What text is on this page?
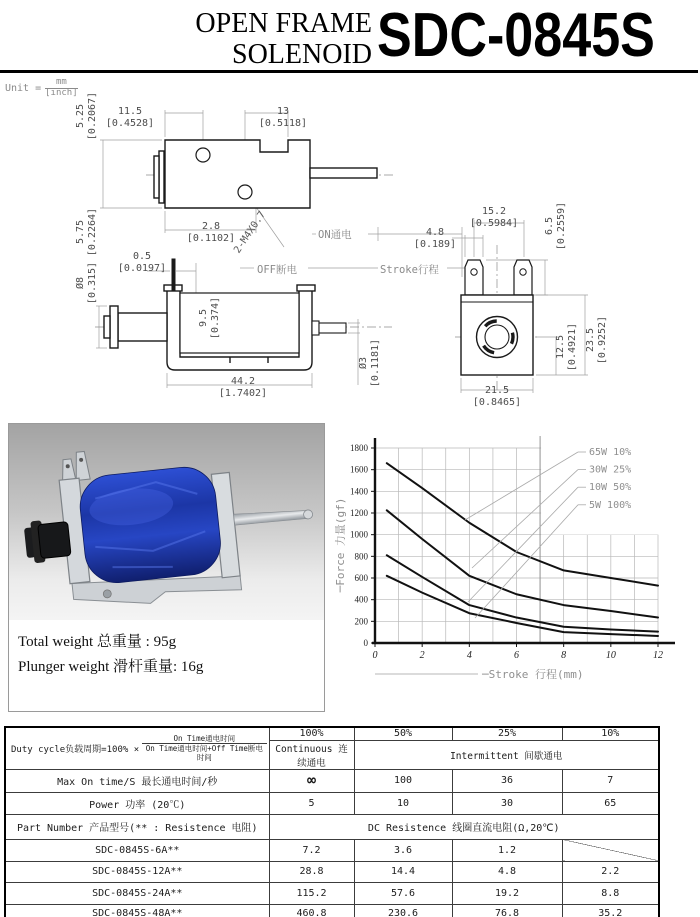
OPEN FRAME
SOLENOID SDC-0845S
Unit = $\frac{mm}{\text{[inch]}}$
5.25 [0.2067]	11.5
[0.4528]
13
[0.5118]
5.75 [0.2264]	2.8
[0.1102]
2-M4X0.7	ON通电
OFF断电	Stroke行程
0.5
[0.0197]
Ø8 [0.315]
9.5 [0.374]
44.2
[1.7402]
Ø3 [0.1181]
4.8
[0.189]
15.2
[0.5984]	6.5 [0.2559]
12.5 [0.4921] 23.5 [0.9252]
21.5
[0.8465]
Total weight 总重量 : 95g
Plunger weight 滑杆重量: 16g
0
200
400
600
800
1000
1200
1400
1600
1800
0	2	4	6	8	10	12
65W 10%
30W 25%
10W 50%
5W 100%
─Force 力量(gf)
─Stroke 行程(mm)
Duty cycle负载周期=100% ×
On Time通电时间
On Time通电时间+Off Time断电时间	100%	50%	25%	10%
	Continuous 连续通电	Intermittent 间歇通电		
Max On time/S 最长通电时间/秒	∞	100	36	7
Power 功率 (20℃)	5	10	30	65
Part Number 产品型号(** : Resistence 电阻)	DC Resistence 线圈直流电阻(Ω,20℃)			
SDC-0845S-6A**	7.2	3.6	1.2	
SDC-0845S-12A**	28.8	14.4	4.8	2.2
SDC-0845S-24A**	115.2	57.6	19.2	8.8
SDC-0845S-48A**	460.8	230.6	76.8	35.2
